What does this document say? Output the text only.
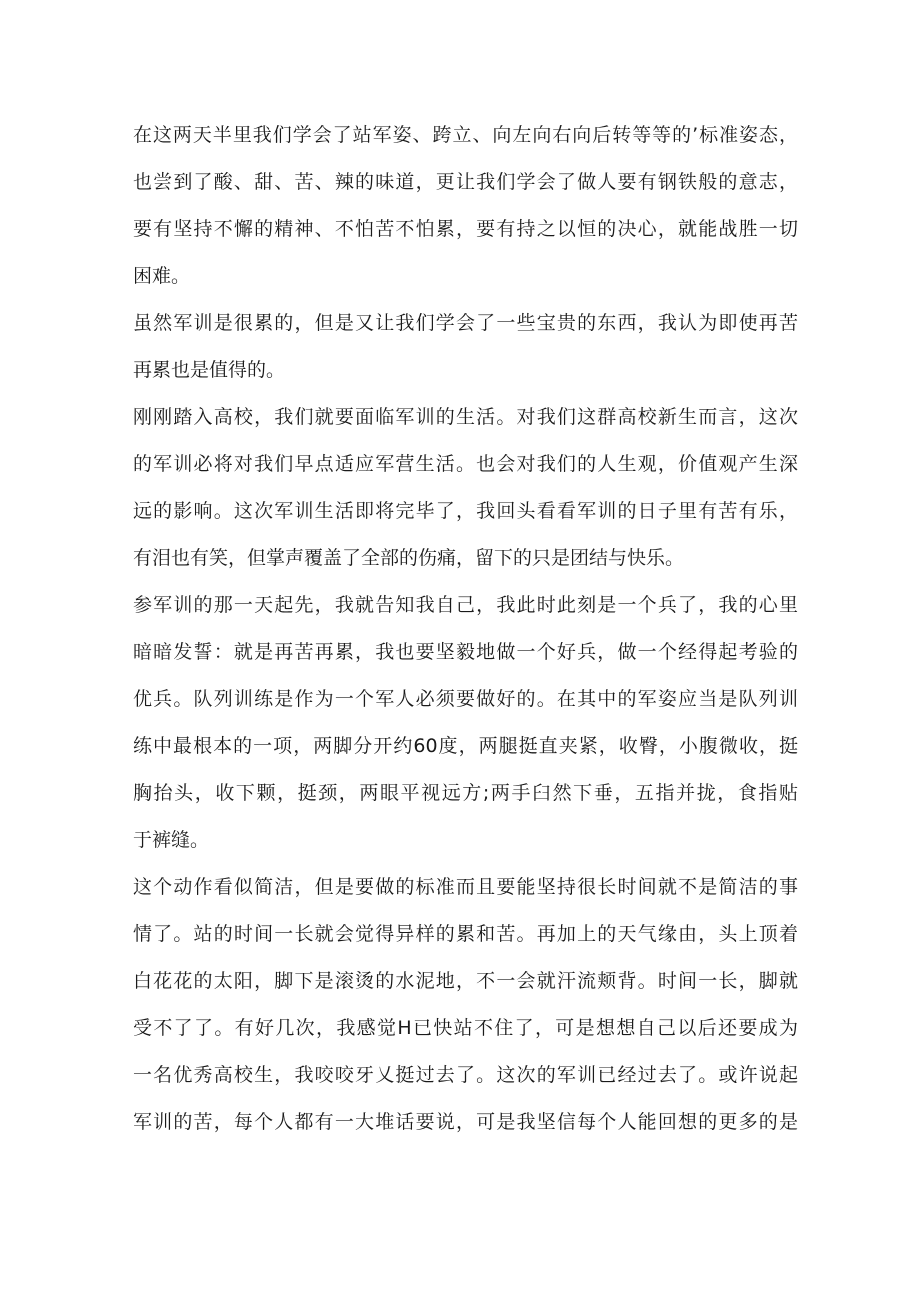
在这两天半里我们学会了站军姿、跨立、向左向右向后转等等的’标准姿态，
也尝到了酸、甜、苦、辣的味道，更让我们学会了做人要有钢铁般的意志，
要有坚持不懈的精神、不怕苦不怕累，要有持之以恒的决心，就能战胜一切
困难。
虽然军训是很累的，但是又让我们学会了一些宝贵的东西，我认为即使再苦
再累也是值得的。
刚刚踏入高校，我们就要面临军训的生活。对我们这群高校新生而言，这次
的军训必将对我们早点适应军营生活。也会对我们的人生观，价值观产生深
远的影响。这次军训生活即将完毕了，我回头看看军训的日子里有苦有乐，
有泪也有笑，但掌声覆盖了全部的伤痛，留下的只是团结与快乐。
参军训的那一天起先，我就告知我自己，我此时此刻是一个兵了，我的心里
暗暗发誓：就是再苦再累，我也要坚毅地做一个好兵，做一个经得起考验的
优兵。队列训练是作为一个军人必须要做好的。在其中的军姿应当是队列训
练中最根本的一项，两脚分开约60度，两腿挺直夹紧，收臀，小腹微收，挺
胸抬头，收下颗，挺颈，两眼平视远方;两手臼然下垂，五指并拢，食指贴
于裤缝。
这个动作看似简洁，但是要做的标准而且要能坚持很长时间就不是简洁的事
情了。站的时间一长就会觉得异样的累和苦。再加上的天气缘由，头上顶着
白花花的太阳，脚下是滚烫的水泥地，不一会就汗流颊背。时间一长，脚就
受不了了。有好几次，我感觉H已快站不住了，可是想想自己以后还要成为
一名优秀高校生，我咬咬牙乂挺过去了。这次的军训已经过去了。或许说起
军训的苦，每个人都有一大堆话要说，可是我坚信每个人能回想的更多的是
